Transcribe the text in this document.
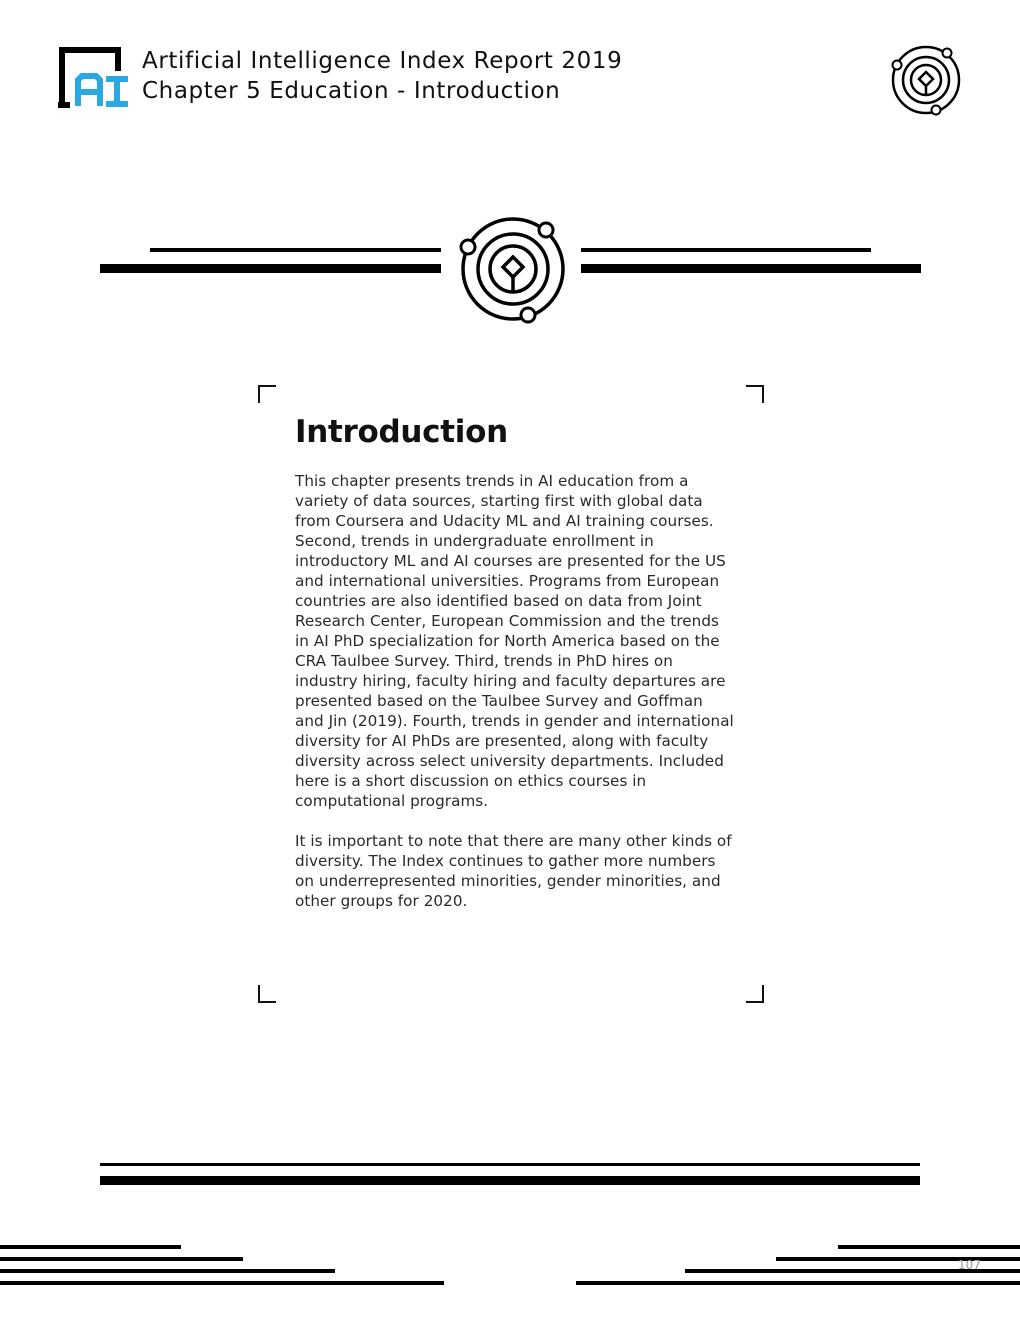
Artificial Intelligence Index Report 2019
Chapter 5 Education - Introduction
Introduction

This chapter presents trends in AI education from a variety of data sources, starting first with global data from Coursera and Udacity ML and AI training courses. Second, trends in undergraduate enrollment in introductory ML and AI courses are presented for the US and international universities. Programs from European countries are also identified based on data from Joint Research Center, European Commission and the trends in AI PhD specialization for North America based on the CRA Taulbee Survey. Third, trends in PhD hires on industry hiring, faculty hiring and faculty departures are presented based on the Taulbee Survey and Goffman and Jin (2019). Fourth, trends in gender and international diversity for AI PhDs are presented, along with faculty diversity across select university departments. Included here is a short discussion on ethics courses in computational programs.

It is important to note that there are many other kinds of diversity. The Index continues to gather more numbers on underrepresented minorities, gender minorities, and other groups for 2020.

107
